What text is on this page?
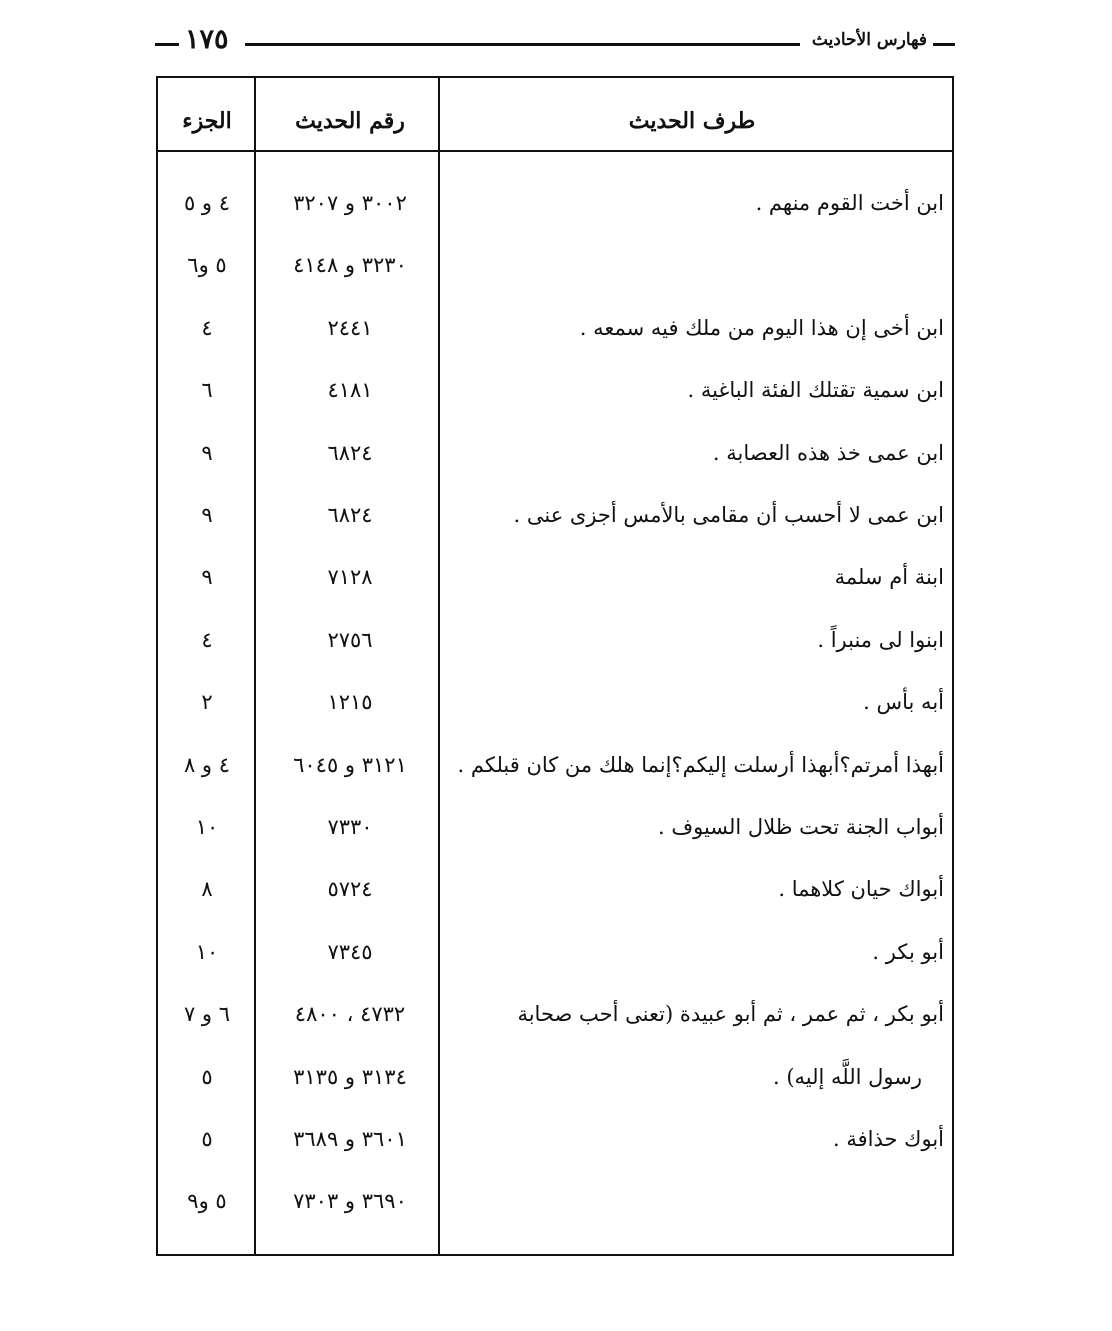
فهارس الأحاديث
١٧٥
طرف الحديث
رقم الحديث
الجزء
ابن أخت القوم منهم .
٣٠٠٢ و ٣٢٠٧
٤ و ٥
٣٢٣٠ و ٤١٤٨
٥ و٦
ابن أخى إن هذا اليوم من ملك فيه سمعه .
٢٤٤١
٤
ابن سمية تقتلك الفئة الباغية .
٤١٨١
٦
ابن عمى خذ هذه العصابة .
٦٨٢٤
٩
ابن عمى لا أحسب أن مقامى بالأمس أجزى عنى .
٦٨٢٤
٩
ابنة أم سلمة
٧١٢٨
٩
ابنوا لى منبراً .
٢٧٥٦
٤
أبه بأس .
١٢١٥
٢
أبهذا أمرتم؟أبهذا أرسلت إليكم؟إنما هلك من كان قبلكم .
٣١٢١ و ٦٠٤٥
٤ و ٨
أبواب الجنة تحت ظلال السيوف .
٧٣٣٠
١٠
أبواك حيان كلاهما .
٥٧٢٤
٨
أبو بكر .
٧٣٤٥
١٠
أبو بكر ، ثم عمر ، ثم أبو عبيدة (تعنى أحب صحابة
٤٧٣٢ ، ٤٨٠٠
٦ و ٧
رسول اللَّه إليه) .
٣١٣٤ و ٣١٣٥
٥
أبوك حذافة .
٣٦٠١ و ٣٦٨٩
٥
٣٦٩٠ و ٧٣٠٣
٥ و٩
